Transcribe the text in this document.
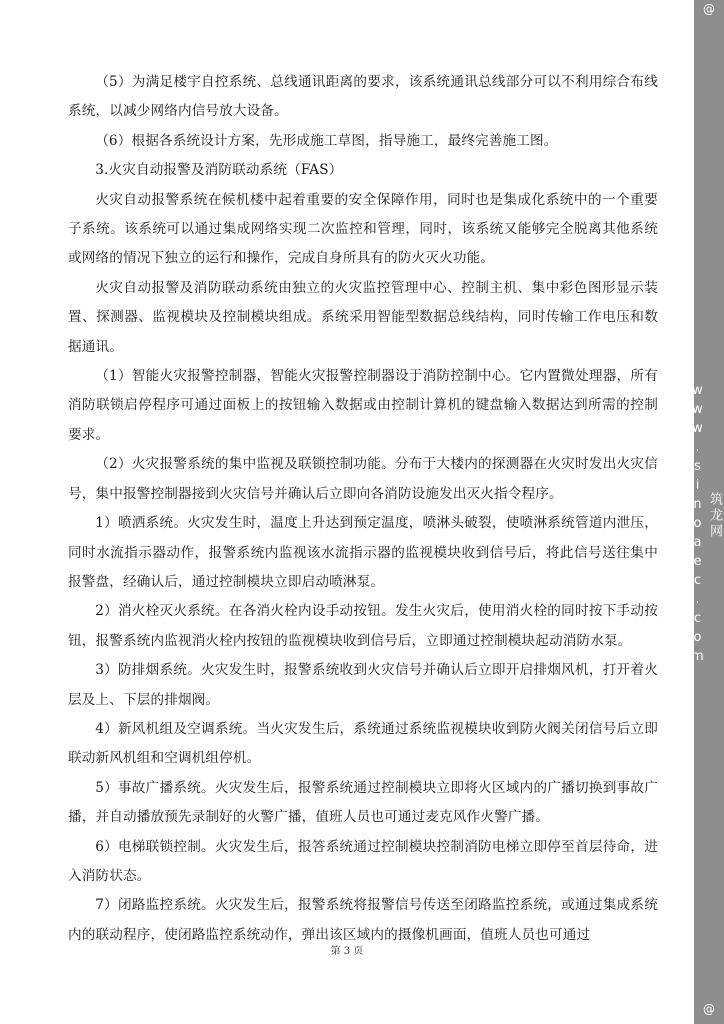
（5）为满足楼宇自控系统、总线通讯距离的要求，该系统通讯总线部分可以不利用综合布线系统，以减少网络内信号放大设备。

（6）根据各系统设计方案，先形成施工草图，指导施工，最终完善施工图。

3.火灾自动报警及消防联动系统（FAS）

火灾自动报警系统在候机楼中起着重要的安全保障作用，同时也是集成化系统中的一个重要子系统。该系统可以通过集成网络实现二次监控和管理，同时，该系统又能够完全脱离其他系统或网络的情况下独立的运行和操作，完成自身所具有的防火灭火功能。

火灾自动报警及消防联动系统由独立的火灾监控管理中心、控制主机、集中彩色图形显示装置、探测器、监视模块及控制模块组成。系统采用智能型数据总线结构，同时传输工作电压和数据通讯。

（1）智能火灾报警控制器，智能火灾报警控制器设于消防控制中心。它内置微处理器，所有消防联锁启停程序可通过面板上的按钮输入数据或由控制计算机的键盘输入数据达到所需的控制要求。

（2）火灾报警系统的集中监视及联锁控制功能。分布于大楼内的探测器在火灾时发出火灾信号，集中报警控制器接到火灾信号并确认后立即向各消防设施发出灭火指令程序。

1）喷洒系统。火灾发生时，温度上升达到预定温度，喷淋头破裂，使喷淋系统管道内泄压，同时水流指示器动作，报警系统内监视该水流指示器的监视模块收到信号后，将此信号送往集中报警盘，经确认后，通过控制模块立即启动喷淋泵。

2）消火栓灭火系统。在各消火栓内设手动按钮。发生火灾后，使用消火栓的同时按下手动按钮，报警系统内监视消火栓内按钮的监视模块收到信号后，立即通过控制模块起动消防水泵。

3）防排烟系统。火灾发生时，报警系统收到火灾信号并确认后立即开启排烟风机，打开着火层及上、下层的排烟阀。

4）新风机组及空调系统。当火灾发生后，系统通过系统监视模块收到防火阀关闭信号后立即联动新风机组和空调机组停机。

5）事故广播系统。火灾发生后，报警系统通过控制模块立即将火区域内的广播切换到事故广播，并自动播放预先录制好的火警广播，值班人员也可通过麦克风作火警广播。

6）电梯联锁控制。火灾发生后，报答系统通过控制模块控制消防电梯立即停至首层待命，进入消防状态。

7）闭路监控系统。火灾发生后，报警系统将报警信号传送至闭路监控系统，或通过集成系统内的联动程序，使闭路监控系统动作，弹出该区域内的摄像机画面，值班人员也可通过

第 3 页
@
筑龙网
www.sinoaec.com
《民用机场候机楼弱电安装工法》
资料编号：YJGF48—2000
@
